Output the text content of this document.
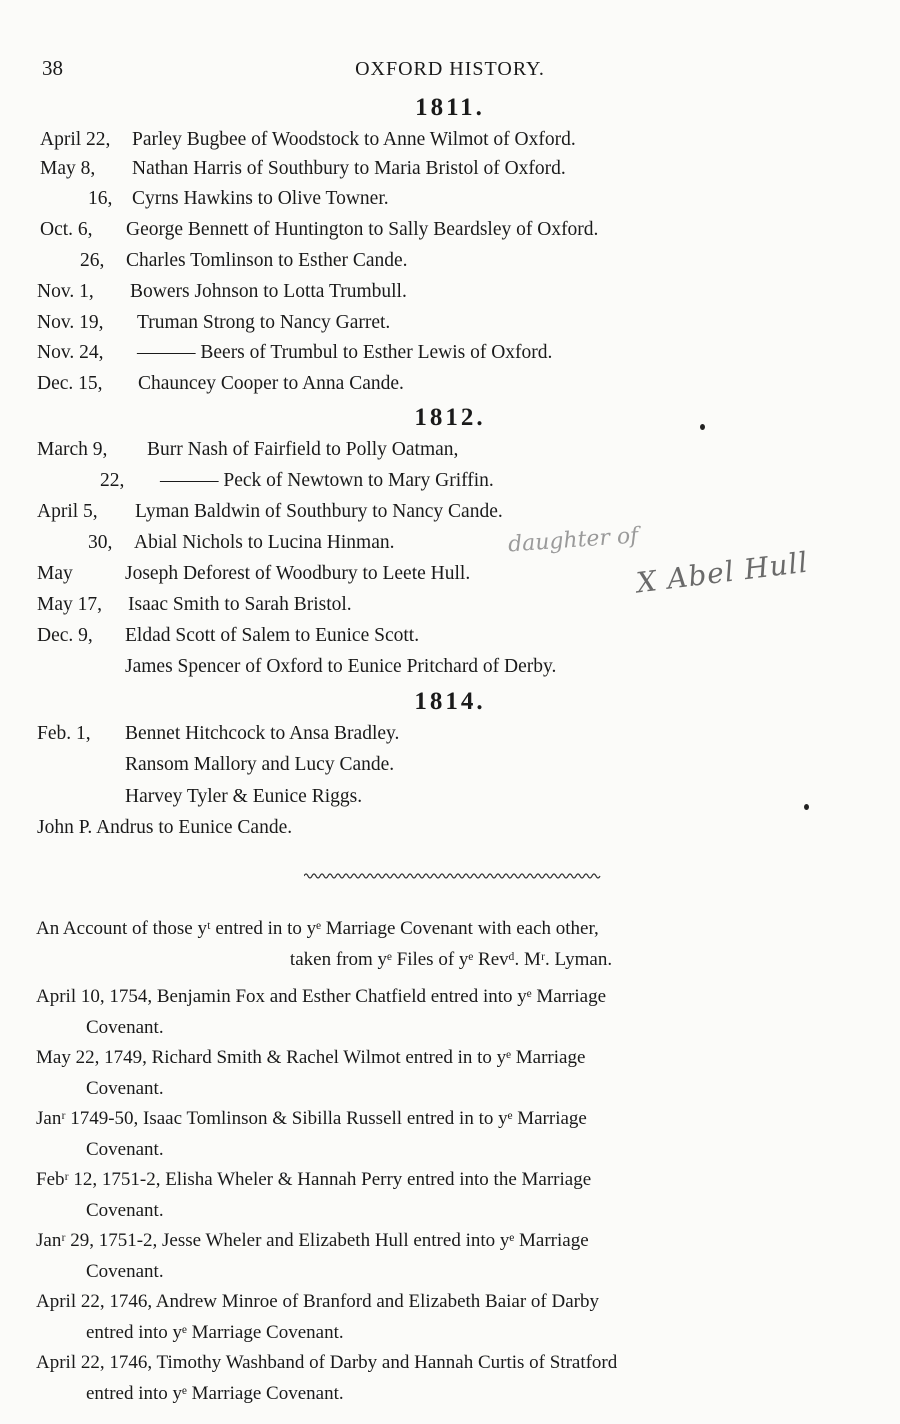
38	OXFORD HISTORY.
1811.
April 22, Parley Bugbee of Woodstock to Anne Wilmot of Oxford.
May 8, Nathan Harris of Southbury to Maria Bristol of Oxford.
16, Cyrns Hawkins to Olive Towner.
Oct. 6, George Bennett of Huntington to Sally Beardsley of Oxford.
26, Charles Tomlinson to Esther Cande.
Nov. 1, Bowers Johnson to Lotta Trumbull.
Nov. 19, Truman Strong to Nancy Garret.
Nov. 24, ——— Beers of Trumbul to Esther Lewis of Oxford.
Dec. 15, Chauncey Cooper to Anna Cande.
1812.
March 9, Burr Nash of Fairfield to Polly Oatman,
22, ——— Peck of Newtown to Mary Griffin.
April 5, Lyman Baldwin of Southbury to Nancy Cande.
30, Abial Nichols to Lucina Hinman.
May	Joseph Deforest of Woodbury to Leete Hull.
May 17, Isaac Smith to Sarah Bristol.
Dec. 9, Eldad Scott of Salem to Eunice Scott.
James Spencer of Oxford to Eunice Pritchard of Derby.
daughter of
X Abel Hull
1814.
Feb. 1, Bennet Hitchcock to Ansa Bradley.
Ransom Mallory and Lucy Cande.
Harvey Tyler & Eunice Riggs.
John P. Andrus to Eunice Cande.
An Account of those yᵗ entred in to yᵉ Marriage Covenant with each other,
taken from yᵉ Files of yᵉ Revᵈ. Mʳ. Lyman.
April 10, 1754, Benjamin Fox and Esther Chatfield entred into yᵉ Marriage
Covenant.
May 22, 1749, Richard Smith & Rachel Wilmot entred in to yᵉ Marriage
Covenant.
Janʳ 1749-50, Isaac Tomlinson & Sibilla Russell entred in to yᵉ Marriage
Covenant.
Febʳ 12, 1751-2, Elisha Wheler & Hannah Perry entred into the Marriage
Covenant.
Janʳ 29, 1751-2, Jesse Wheler and Elizabeth Hull entred into yᵉ Marriage
Covenant.
April 22, 1746, Andrew Minroe of Branford and Elizabeth Baiar of Darby
entred into yᵉ Marriage Covenant.
April 22, 1746, Timothy Washband of Darby and Hannah Curtis of Stratford
entred into yᵉ Marriage Covenant.
